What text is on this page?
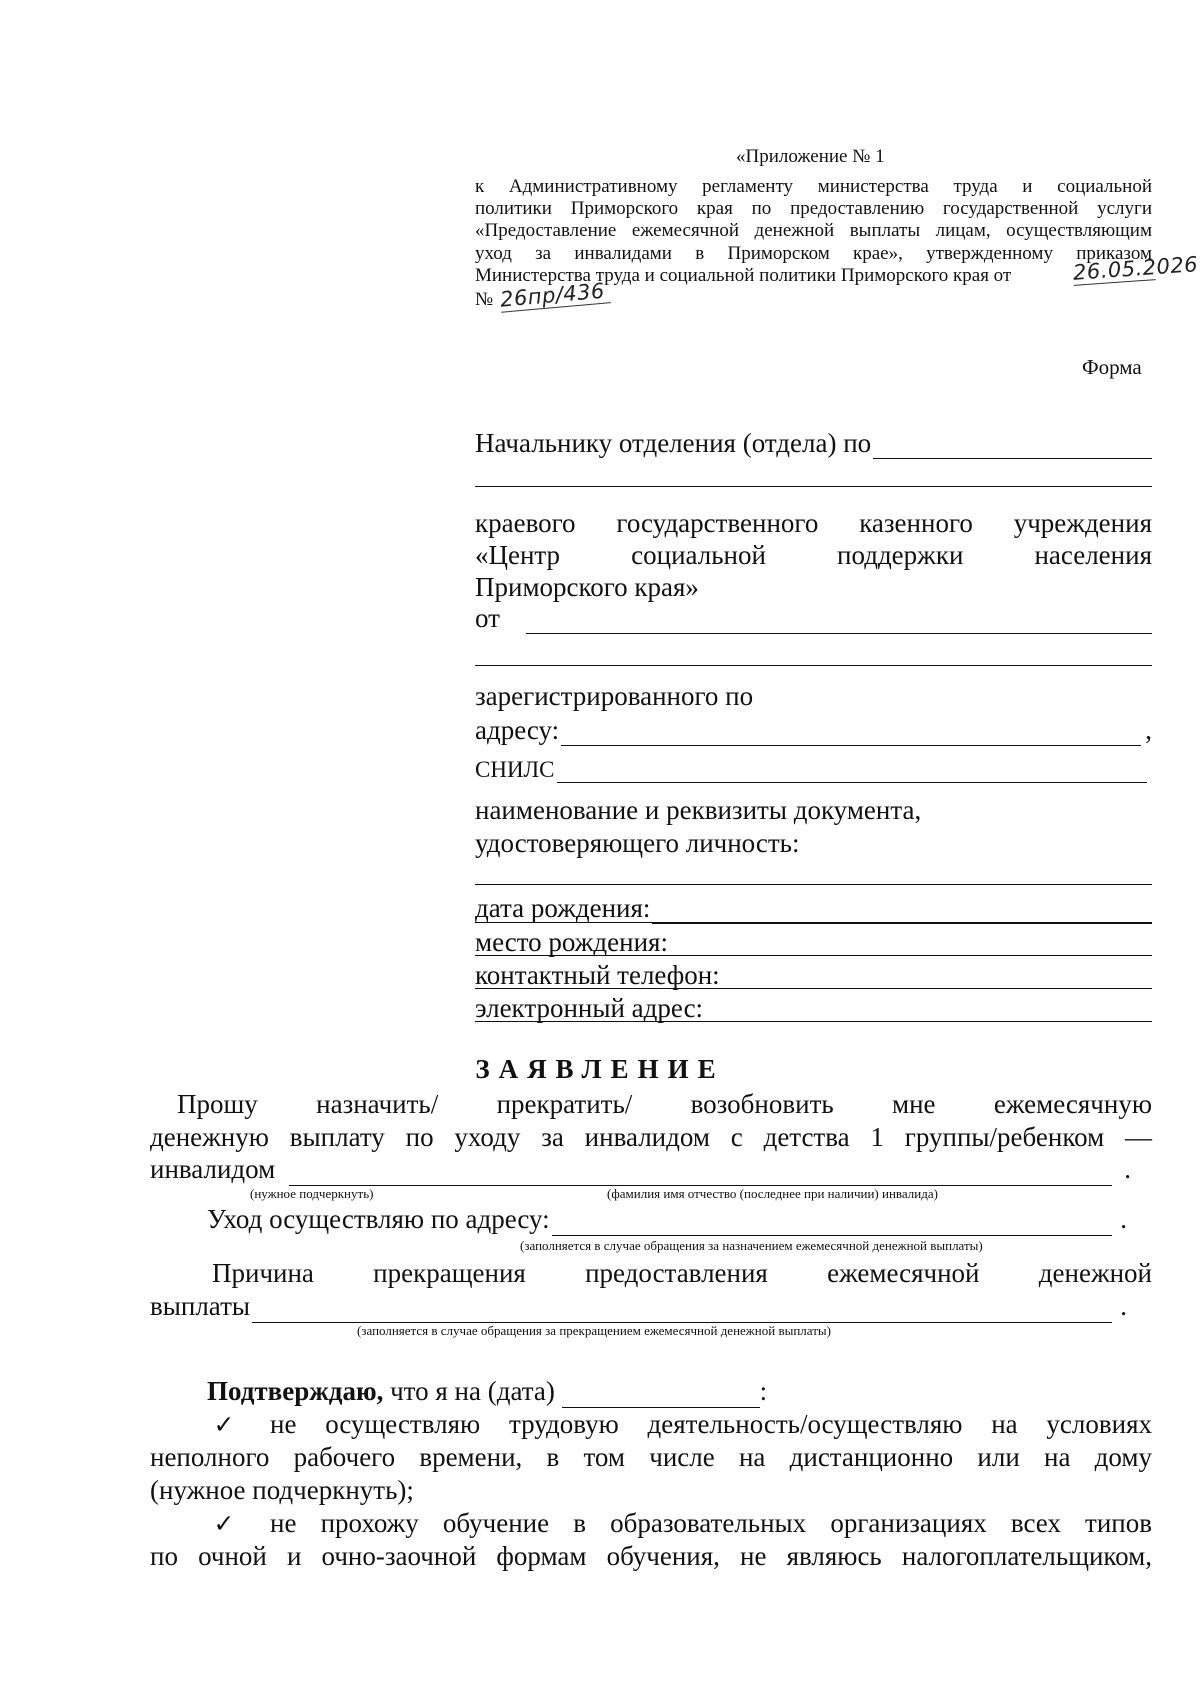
«Приложение № 1
к Административному регламенту министерства труда и социальной
политики Приморского края по предоставлению государственной услуги
«Предоставление ежемесячной денежной выплаты лицам, осуществляющим
уход за инвалидами в Приморском крае», утвержденному приказом
Министерства труда и социальной политики Приморского края от	26.05.2026
№ 26пр/436
Форма
Начальнику отделения (отдела) по
краевого государственного казенного учреждения
«Центр социальной поддержки населения
Приморского края»
от
зарегистрированного по
адресу:	,
СНИЛС
наименование и реквизиты документа,
удостоверяющего личность:
дата рождения:
место рождения:
контактный телефон:
электронный адрес:
ЗАЯВЛЕНИЕ
Прошу назначить/ прекратить/ возобновить мне ежемесячную
денежную выплату по уходу за инвалидом с детства 1 группы/ребенком —
инвалидом	.
(нужное подчеркнуть)	(фамилия имя отчество (последнее при наличии) инвалида)
Уход осуществляю по адресу:	.
(заполняется в случае обращения за назначением ежемесячной денежной выплаты)
Причина прекращения предоставления ежемесячной денежной
выплаты	.
(заполняется в случае обращения за прекращением ежемесячной денежной выплаты)
Подтверждаю, что я на (дата)	:
✓	не осуществляю трудовую деятельность/осуществляю на условиях
неполного рабочего времени, в том числе на дистанционно или на дому
(нужное подчеркнуть);
✓	не прохожу обучение в образовательных организациях всех типов
по очной и очно-заочной формам обучения, не являюсь налогоплательщиком,
